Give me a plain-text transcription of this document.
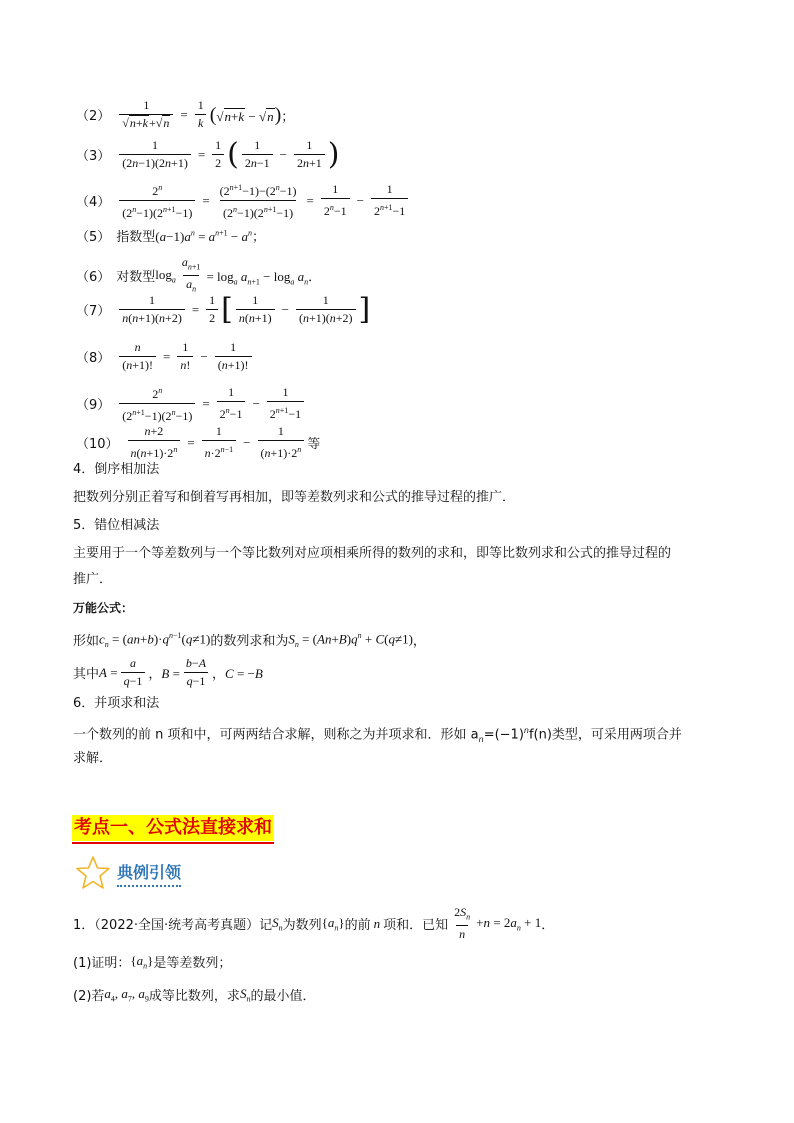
$(2) \frac{1}{√n+k+√n} = \frac{1}{k} (√n+k - √n)$；
$(3) \frac{1}{(2n-1)(2n+1)} = \frac{1}{2}$ ( $\frac{1}{2n-1} - \frac{1}{2n+1}$ )
$(4) \frac{2^n}{(2^n-1)(2^{n+1}-1)} = \frac{(2^{n+1}-1)-(2^n-1)}{(2^n-1)(2^{n+1}-1)} = \frac{1}{2^n-1} - \frac{1}{2^{n+1}-1}$
（5） 指数型 $(a-1)a^n = a^{n+1} - a^n$；
（6） 对数型 $\log_a \frac{a_{n+1}}{a_n} = \log_a a_{n+1} - \log_a a_n$．
$(7) \frac{1}{n(n+1)(n+2)} = \frac{1}{2}$ [ $\frac{1}{n(n+1)} - \frac{1}{(n+1)(n+2)}$ ]
$(8) \frac{n}{(n+1)!} = \frac{1}{n!} - \frac{1}{(n+1)!}$
$(9) \frac{2^n}{(2^{n+1}-1)(2^n-1)} = \frac{1}{2^n-1} - \frac{1}{2^{n+1}-1}$
$(10) \frac{n+2}{n(n+1)\cdot 2^n} = \frac{1}{n\cdot 2^{n-1}} - \frac{1}{(n+1)\cdot 2^n}$ 等
4．倒序相加法
把数列分别正着写和倒着写再相加，即等差数列求和公式的推导过程的推广．
5．错位相减法
主要用于一个等差数列与一个等比数列对应项相乘所得的数列的求和，即等比数列求和公式的推导过程的
推广．
万能公式：
形如 $c_n = (an+b)\cdot q^{n-1}(q\ne 1)$ 的数列求和为 $S_n = (An+B)q^n + C(q\ne 1)$ ，
其中 $A = \frac{a}{q-1}$ ，$B = \frac{b-A}{q-1}$ ，C = −B
6．并项求和法
一个数列的前 n 项和中，可两两结合求解，则称之为并项求和．形如 $a_n=(-1)^nf(n)$类型，可采用两项合并
求解．
考点一、公式法直接求和
典例引领
1．（2022·全国·统考高考真题）记 $S_n$ 为数列 $\{a_n\}$ 的前 n 项和．已知 $\frac{2S_n}{n} +n = 2a_n + 1$ ．
(1)证明： $\{a_n\}$ 是等差数列；
(2)若 $a_4$, $a_7$, $a_9$ 成等比数列，求 $S_n$ 的最小值．
